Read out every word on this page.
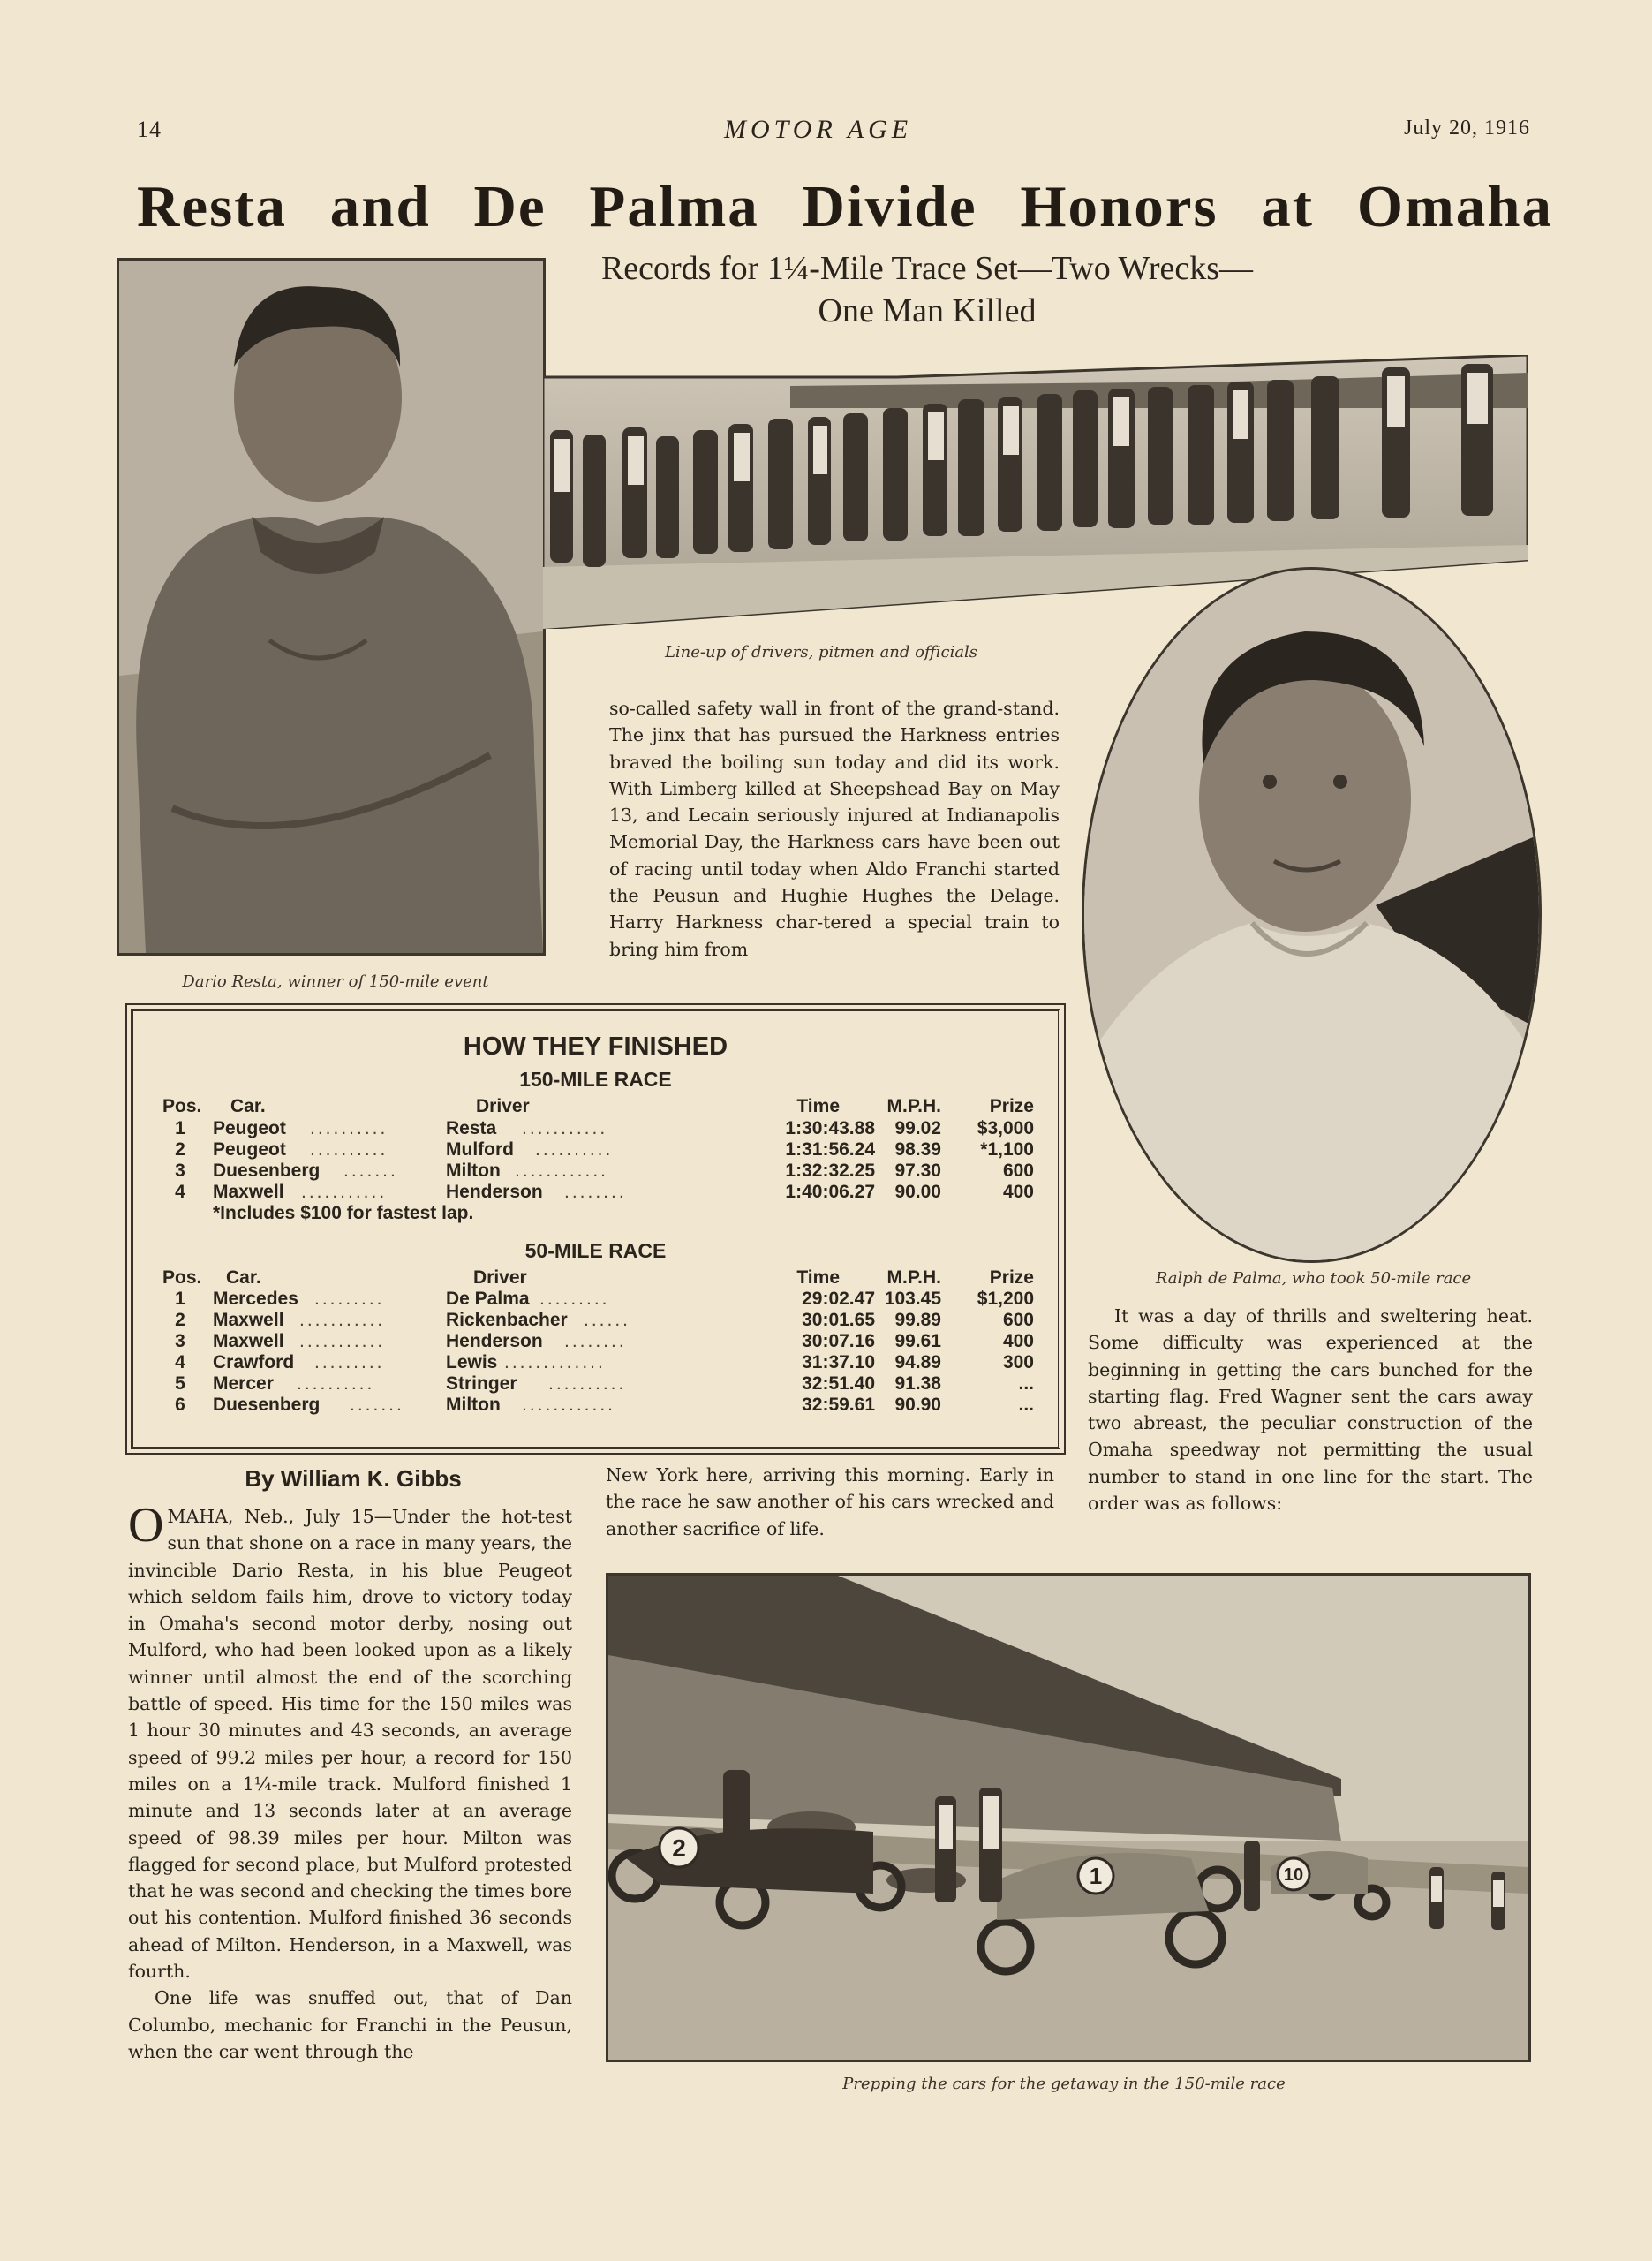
14	MOTOR AGE	July 20, 1916
Resta and De Palma Divide Honors at Omaha
Records for 1¼-Mile Trace Set—Two Wrecks—
One Man Killed
Dario Resta, winner of 150-mile event
Line-up of drivers, pitmen and officials
Ralph de Palma, who took 50-mile race

so-called safety wall in front of the grand-stand. The jinx that has pursued the Harkness entries braved the boiling sun today and did its work. With Limberg killed at Sheepshead Bay on May 13, and Lecain seriously injured at Indianapolis Memorial Day, the Harkness cars have been out of racing until today when Aldo Franchi started the Peusun and Hughie Hughes the Delage. Harry Harkness char-tered a special train to bring him from

HOW THEY FINISHED
150-MILE RACE
Pos. Car.	Driver	Time	M.P.H.	Prize
1	Peugeot ..........	Resta ...........	1:30:43.88	99.02	$3,000
2	Peugeot ..........	Mulford ..........	1:31:56.24	98.39	*1,100
3	Duesenberg .......	Milton ............	1:32:32.25	97.30	600
4	Maxwell ...........	Henderson ........	1:40:06.27	90.00	400
*Includes $100 for fastest lap.
50-MILE RACE
Pos. Car.	Driver	Time	M.P.H.	Prize
1	Mercedes .........	De Palma .........	29:02.47 103.45	$1,200
2	Maxwell ...........	Rickenbacher ......	30:01.65	99.89	600
3	Maxwell ...........	Henderson ........	30:07.16	99.61	400
4	Crawford .........	Lewis .............	31:37.10	94.89	300
5	Mercer ..........	Stringer ..........	32:51.40	91.38	...
6	Duesenberg ....... Milton ............	32:59.61	90.90	...

It was a day of thrills and sweltering heat. Some difficulty was experienced at the beginning in getting the cars bunched for the starting flag. Fred Wagner sent the cars away two abreast, the peculiar construction of the Omaha speedway not permitting the usual number to stand in one line for the start. The order was as follows:

By William K. Gibbs

OMAHA, Neb., July 15—Under the hot-test sun that shone on a race in many years, the invincible Dario Resta, in his blue Peugeot which seldom fails him, drove to victory today in Omaha's second motor derby, nosing out Mulford, who had been looked upon as a likely winner until almost the end of the scorching battle of speed. His time for the 150 miles was 1 hour 30 minutes and 43 seconds, an average speed of 99.2 miles per hour, a record for 150 miles on a 1¼-mile track. Mulford finished 1 minute and 13 seconds later at an average speed of 98.39 miles per hour. Milton was flagged for second place, but Mulford protested that he was second and checking the times bore out his contention. Mulford finished 36 seconds ahead of Milton. Henderson, in a Maxwell, was fourth.

One life was snuffed out, that of Dan Columbo, mechanic for Franchi in the Peusun, when the car went through the

New York here, arriving this morning. Early in the race he saw another of his cars wrecked and another sacrifice of life.

2
1	10
Prepping the cars for the getaway in the 150-mile race
